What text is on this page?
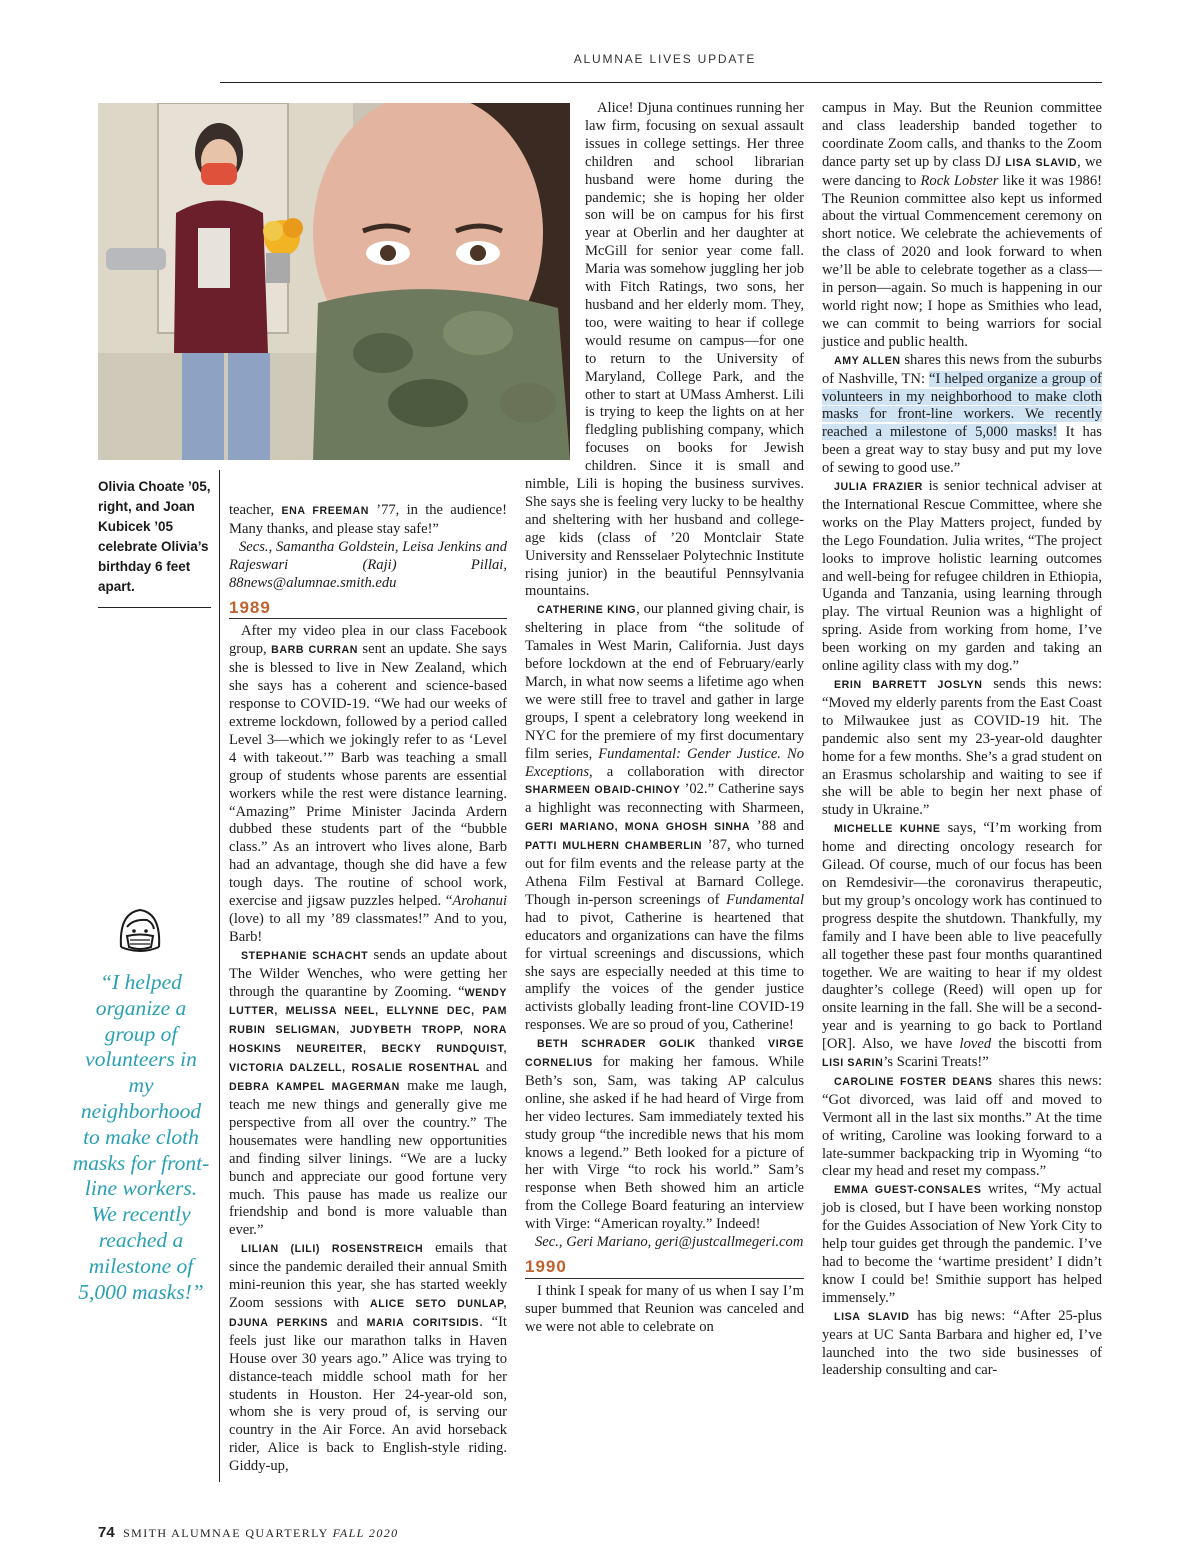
ALUMNAE LIVES UPDATE
Olivia Choate ’05, right, and Joan Kubicek ’05 celebrate Olivia’s birthday 6 feet apart.
“I helped organize a group of volunteers in my neighborhood to make cloth masks for front-line workers. We recently reached a milestone of 5,000 masks!”

teacher, ENA FREEMAN ’77, in the audience! Many thanks, and please stay safe!”

Secs., Samantha Goldstein, Leisa Jenkins and Rajeswari (Raji) Pillai, 88news@alumnae.smith.edu

1989

After my video plea in our class Facebook group, BARB CURRAN sent an update. She says she is blessed to live in New Zealand, which she says has a coherent and science-based response to COVID-19. “We had our weeks of extreme lockdown, followed by a period called Level 3—which we jokingly refer to as ‘Level 4 with takeout.’” Barb was teaching a small group of students whose parents are essential workers while the rest were distance learning. “Amazing” Prime Minister Jacinda Ardern dubbed these students part of the “bubble class.” As an introvert who lives alone, Barb had an advantage, though she did have a few tough days. The routine of school work, exercise and jigsaw puzzles helped. “Arohanui (love) to all my ’89 classmates!” And to you, Barb!

STEPHANIE SCHACHT sends an update about The Wilder Wenches, who were getting her through the quarantine by Zooming. “WENDY LUTTER, MELISSA NEEL, ELLYNNE DEC, PAM RUBIN SELIGMAN, JUDYBETH TROPP, NORA HOSKINS NEUREITER, BECKY RUNDQUIST, VICTORIA DALZELL, ROSALIE ROSENTHAL and DEBRA KAMPEL MAGERMAN make me laugh, teach me new things and generally give me perspective from all over the country.” The housemates were handling new opportunities and finding silver linings. “We are a lucky bunch and appreciate our good fortune very much. This pause has made us realize our friendship and bond is more valuable than ever.”

LILIAN (LILI) ROSENSTREICH emails that since the pandemic derailed their annual Smith mini-reunion this year, she has started weekly Zoom sessions with ALICE SETO DUNLAP, DJUNA PERKINS and MARIA CORITSIDIS. “It feels just like our marathon talks in Haven House over 30 years ago.” Alice was trying to distance-teach middle school math for her students in Houston. Her 24-year-old son, whom she is very proud of, is serving our country in the Air Force. An avid horseback rider, Alice is back to English-style riding. Giddy-up,

Alice! Djuna continues running her law firm, focusing on sexual assault issues in college settings. Her three children and school librarian husband were home during the pandemic; she is hoping her older son will be on campus for his first year at Oberlin and her daughter at McGill for senior year come fall. Maria was somehow juggling her job with Fitch Ratings, two sons, her husband and her elderly mom. They, too, were waiting to hear if college would resume on campus—for one to return to the University of Maryland, College Park, and the other to start at UMass Amherst. Lili is trying to keep the lights on at her fledgling publishing company, which focuses on books for Jewish children. Since it is small and nimble, Lili is hoping the business survives. She says she is feeling very lucky to be healthy and sheltering with her husband and college-age kids (class of ’20 Montclair State University and Rensselaer Polytechnic Institute rising junior) in the beautiful Pennsylvania mountains.

CATHERINE KING, our planned giving chair, is sheltering in place from “the solitude of Tamales in West Marin, California. Just days before lockdown at the end of February/early March, in what now seems a lifetime ago when we were still free to travel and gather in large groups, I spent a celebratory long weekend in NYC for the premiere of my first documentary film series, Fundamental: Gender Justice. No Exceptions, a collaboration with director SHARMEEN OBAID-CHINOY ’02.” Catherine says a highlight was reconnecting with Sharmeen, GERI MARIANO, MONA GHOSH SINHA ’88 and PATTI MULHERN CHAMBERLIN ’87, who turned out for film events and the release party at the Athena Film Festival at Barnard College. Though in-person screenings of Fundamental had to pivot, Catherine is heartened that educators and organizations can have the films for virtual screenings and discussions, which she says are especially needed at this time to amplify the voices of the gender justice activists globally leading front-line COVID-19 responses. We are so proud of you, Catherine!

BETH SCHRADER GOLIK thanked VIRGE CORNELIUS for making her famous. While Beth’s son, Sam, was taking AP calculus online, she asked if he had heard of Virge from her video lectures. Sam immediately texted his study group “the incredible news that his mom knows a legend.” Beth looked for a picture of her with Virge “to rock his world.” Sam’s response when Beth showed him an article from the College Board featuring an interview with Virge: “American royalty.” Indeed!

Sec., Geri Mariano, geri@justcallmegeri.com

1990

I think I speak for many of us when I say I’m super bummed that Reunion was canceled and we were not able to celebrate on

campus in May. But the Reunion committee and class leadership banded together to coordinate Zoom calls, and thanks to the Zoom dance party set up by class DJ LISA SLAVID, we were dancing to Rock Lobster like it was 1986! The Reunion committee also kept us informed about the virtual Commencement ceremony on short notice. We celebrate the achievements of the class of 2020 and look forward to when we’ll be able to celebrate together as a class—in person—again. So much is happening in our world right now; I hope as Smithies who lead, we can commit to being warriors for social justice and public health.

AMY ALLEN shares this news from the suburbs of Nashville, TN: “I helped organize a group of volunteers in my neighborhood to make cloth masks for front-line workers. We recently reached a milestone of 5,000 masks! It has been a great way to stay busy and put my love of sewing to good use.”

JULIA FRAZIER is senior technical adviser at the International Rescue Committee, where she works on the Play Matters project, funded by the Lego Foundation. Julia writes, “The project looks to improve holistic learning outcomes and well-being for refugee children in Ethiopia, Uganda and Tanzania, using learning through play. The virtual Reunion was a highlight of spring. Aside from working from home, I’ve been working on my garden and taking an online agility class with my dog.”

ERIN BARRETT JOSLYN sends this news: “Moved my elderly parents from the East Coast to Milwaukee just as COVID-19 hit. The pandemic also sent my 23-year-old daughter home for a few months. She’s a grad student on an Erasmus scholarship and waiting to see if she will be able to begin her next phase of study in Ukraine.”

MICHELLE KUHNE says, “I’m working from home and directing oncology research for Gilead. Of course, much of our focus has been on Remdesivir—the coronavirus therapeutic, but my group’s oncology work has continued to progress despite the shutdown. Thankfully, my family and I have been able to live peacefully all together these past four months quarantined together. We are waiting to hear if my oldest daughter’s college (Reed) will open up for onsite learning in the fall. She will be a second-year and is yearning to go back to Portland [OR]. Also, we have loved the biscotti from LISI SARIN’s Scarini Treats!”

CAROLINE FOSTER DEANS shares this news: “Got divorced, was laid off and moved to Vermont all in the last six months.” At the time of writing, Caroline was looking forward to a late-summer backpacking trip in Wyoming “to clear my head and reset my compass.”

EMMA GUEST-CONSALES writes, “My actual job is closed, but I have been working nonstop for the Guides Association of New York City to help tour guides get through the pandemic. I’ve had to become the ‘wartime president’ I didn’t know I could be! Smithie support has helped immensely.”

LISA SLAVID has big news: “After 25-plus years at UC Santa Barbara and higher ed, I’ve launched into the two side businesses of leadership consulting and car-

74 SMITH ALUMNAE QUARTERLY FALL 2020
